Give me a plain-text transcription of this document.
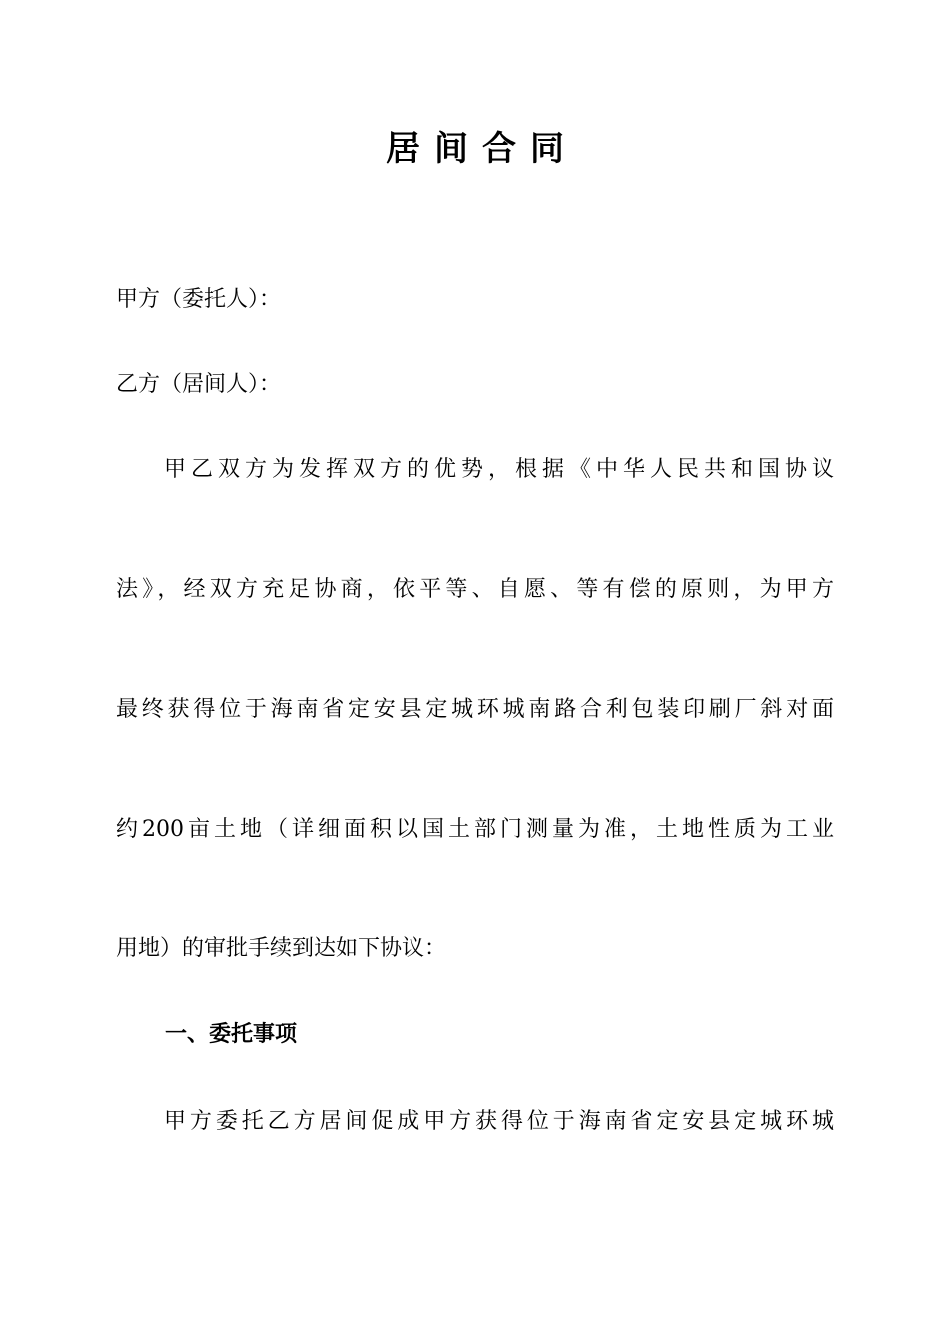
居间合同
甲方（委托人）：
乙方（居间人）：
甲乙双方为发挥双方的优势，根据《中华人民共和国协议
法》，经双方充足协商，依平等、自愿、等有偿的原则，为甲方
最终获得位于海南省定安县定城环城南路合利包装印刷厂斜对面
约200亩土地（详细面积以国土部门测量为准，土地性质为工业
用地）的审批手续到达如下协议：
一、委托事项
甲方委托乙方居间促成甲方获得位于海南省定安县定城环城
